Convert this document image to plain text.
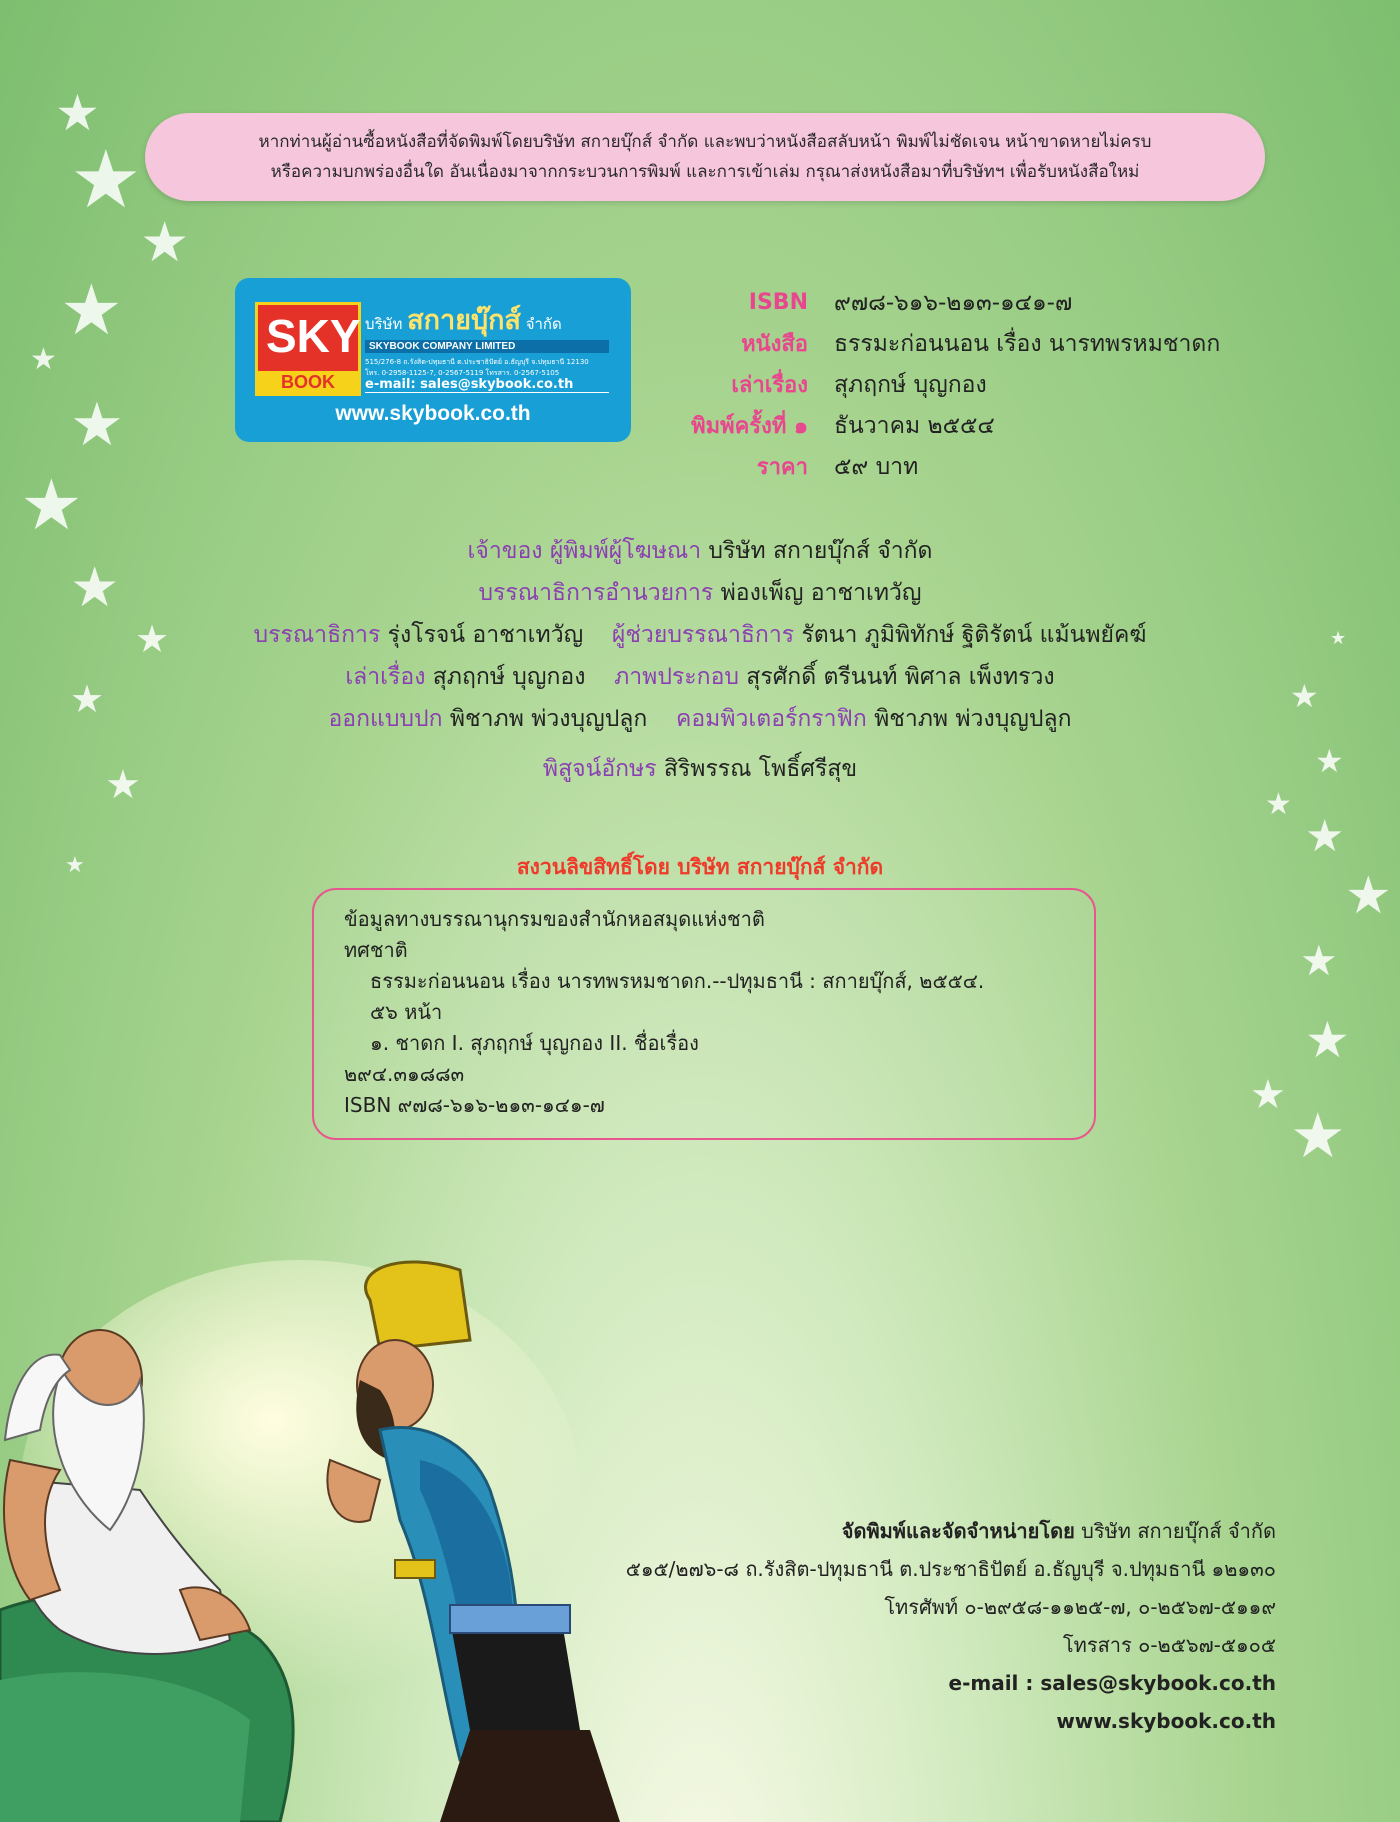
★
★
★
★
★
★
★
★
★
★
★
★
★
★
★
★
★
★
★
★
★
★
หากท่านผู้อ่านซื้อหนังสือที่จัดพิมพ์โดยบริษัท สกายบุ๊กส์ จำกัด และพบว่าหนังสือสลับหน้า พิมพ์ไม่ชัดเจน หน้าขาดหายไม่ครบ
หรือความบกพร่องอื่นใด อันเนื่องมาจากกระบวนการพิมพ์ และการเข้าเล่ม กรุณาส่งหนังสือมาที่บริษัทฯ เพื่อรับหนังสือใหม่
SKY
BOOK
บริษัท สกายบุ๊กส์ จำกัด
SKYBOOK COMPANY LIMITED
515/276-8 ถ.รังสิต-ปทุมธานี ต.ประชาธิปัตย์ อ.ธัญบุรี จ.ปทุมธานี 12130
โทร. 0-2958-1125-7, 0-2567-5119 โทรสาร. 0-2567-5105
e-mail: sales@skybook.co.th
www.skybook.co.th
ISBN ๙๗๘-๖๑๖-๒๑๓-๑๔๑-๗
หนังสือ ธรรมะก่อนนอน เรื่อง นารทพรหมชาดก
เล่าเรื่อง สุภฤกษ์ บุญกอง
พิมพ์ครั้งที่ ๑ ธันวาคม ๒๕๕๔
ราคา ๕๙ บาท
เจ้าของ ผู้พิมพ์ผู้โฆษณา บริษัท สกายบุ๊กส์ จำกัด
บรรณาธิการอำนวยการ พ่องเพ็ญ อาชาเทวัญ
บรรณาธิการ รุ่งโรจน์ อาชาเทวัญ ผู้ช่วยบรรณาธิการ รัตนา ภูมิพิทักษ์ ฐิติรัตน์ แม้นพยัคฆ์
เล่าเรื่อง สุภฤกษ์ บุญกอง ภาพประกอบ สุรศักดิ์ ตรีนนท์ พิศาล เพ็งทรวง
ออกแบบปก พิชาภพ พ่วงบุญปลูก คอมพิวเตอร์กราฟิก พิชาภพ พ่วงบุญปลูก
พิสูจน์อักษร สิริพรรณ โพธิ์ศรีสุข
สงวนลิขสิทธิ์โดย บริษัท สกายบุ๊กส์ จำกัด
ข้อมูลทางบรรณานุกรมของสำนักหอสมุดแห่งชาติ
ทศชาติ
ธรรมะก่อนนอน เรื่อง นารทพรหมชาดก.--ปทุมธานี : สกายบุ๊กส์, ๒๕๕๔.
๕๖ หน้า
๑. ชาดก I. สุภฤกษ์ บุญกอง II. ชื่อเรื่อง
๒๙๔.๓๑๘๘๓
ISBN ๙๗๘-๖๑๖-๒๑๓-๑๔๑-๗
จัดพิมพ์และจัดจำหน่ายโดย บริษัท สกายบุ๊กส์ จำกัด
๕๑๕/๒๗๖-๘ ถ.รังสิต-ปทุมธานี ต.ประชาธิปัตย์ อ.ธัญบุรี จ.ปทุมธานี ๑๒๑๓๐
โทรศัพท์ ๐-๒๙๕๘-๑๑๒๕-๗, ๐-๒๕๖๗-๕๑๑๙
โทรสาร ๐-๒๕๖๗-๕๑๐๕
e-mail : sales@skybook.co.th
www.skybook.co.th
